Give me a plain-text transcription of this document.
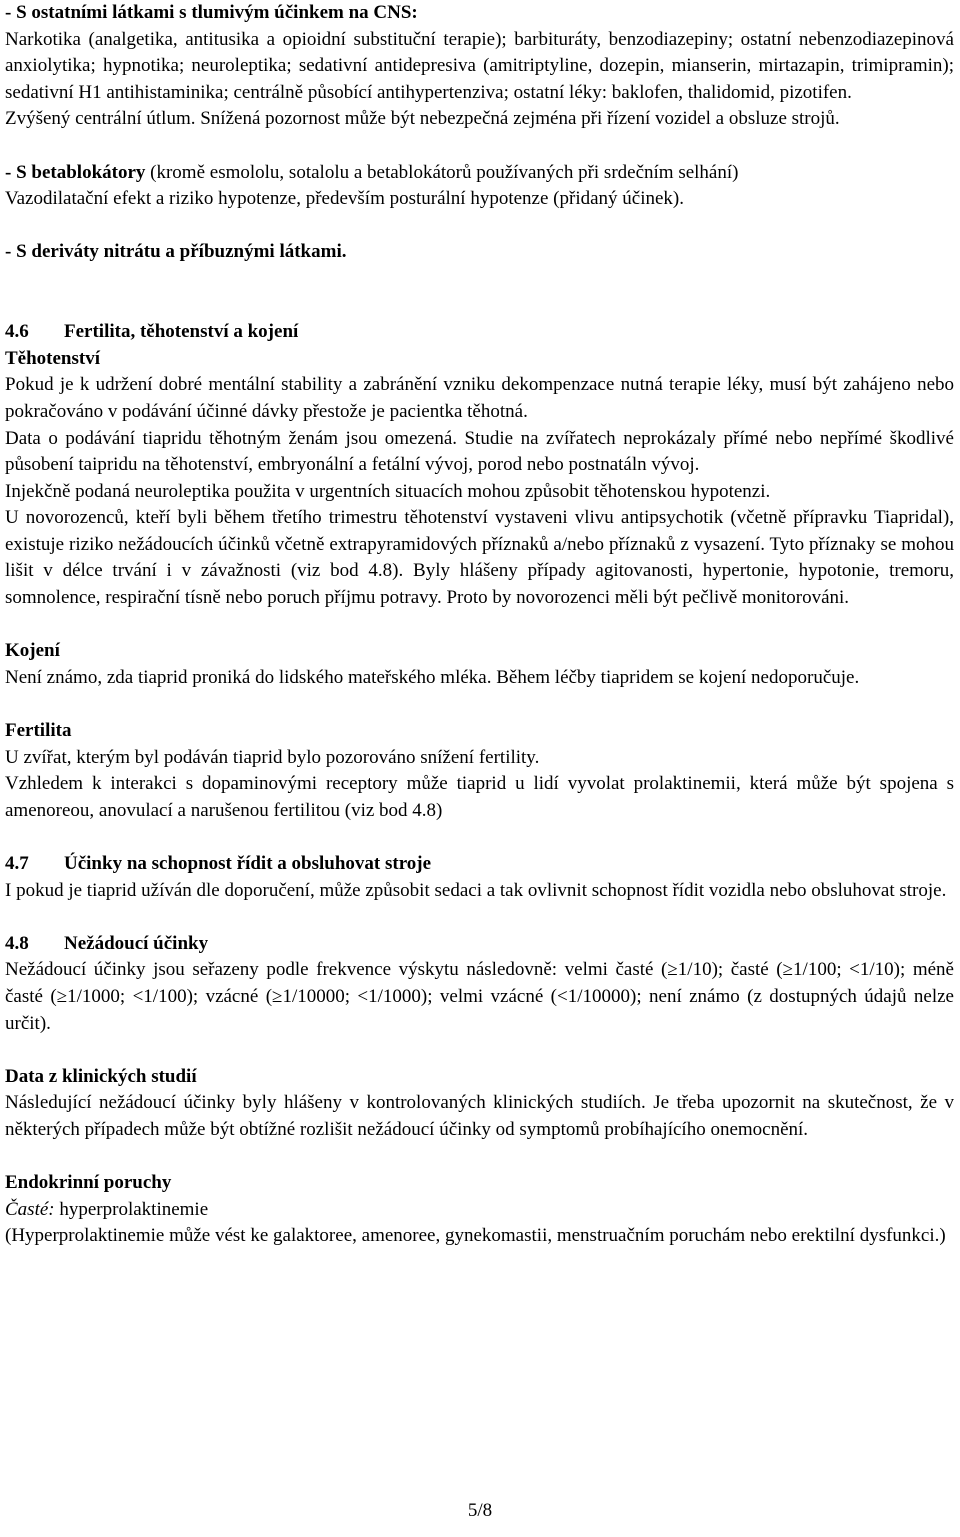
- S ostatními látkami s tlumivým účinkem na CNS:

Narkotika (analgetika, antitusika a opioidní substituční terapie); barbituráty, benzodiazepiny; ostatní nebenzodiazepinová anxiolytika; hypnotika; neuroleptika; sedativní antidepresiva (amitriptyline, dozepin, mianserin, mirtazapin, trimipramin); sedativní H1 antihistaminika; centrálně působící antihypertenziva; ostatní léky: baklofen, thalidomid, pizotifen.

Zvýšený centrální útlum. Snížená pozornost může být nebezpečná zejména při řízení vozidel a obsluze strojů.

- S betablokátory (kromě esmololu, sotalolu a betablokátorů používaných při srdečním selhání)

Vazodilatační efekt a riziko hypotenze, především posturální hypotenze (přidaný účinek).

- S deriváty nitrátu a příbuznými látkami.

4.6 Fertilita, těhotenství a kojení

Těhotenství

Pokud je k udržení dobré mentální stability a zabránění vzniku dekompenzace nutná terapie léky, musí být zahájeno nebo pokračováno v podávání účinné dávky přestože je pacientka těhotná.

Data o podávání tiapridu těhotným ženám jsou omezená. Studie na zvířatech neprokázaly přímé nebo nepřímé škodlivé působení taipridu na těhotenství, embryonální a fetální vývoj, porod nebo postnatáln vývoj.

Injekčně podaná neuroleptika použita v urgentních situacích mohou způsobit těhotenskou hypotenzi.

U novorozenců, kteří byli během třetího trimestru těhotenství vystaveni vlivu antipsychotik (včetně přípravku Tiapridal), existuje riziko nežádoucích účinků včetně extrapyramidových příznaků a/nebo příznaků z vysazení. Tyto příznaky se mohou lišit v délce trvání i v závažnosti (viz bod 4.8). Byly hlášeny případy agitovanosti, hypertonie, hypotonie, tremoru, somnolence, respirační tísně nebo poruch příjmu potravy. Proto by novorozenci měli být pečlivě monitorováni.

Kojení

Není známo, zda tiaprid proniká do lidského mateřského mléka. Během léčby tiapridem se kojení nedoporučuje.

Fertilita

U zvířat, kterým byl podáván tiaprid bylo pozorováno snížení fertility.

Vzhledem k interakci s dopaminovými receptory může tiaprid u lidí vyvolat prolaktinemii, která může být spojena s amenoreou, anovulací a narušenou fertilitou (viz bod 4.8)

4.7 Účinky na schopnost řídit a obsluhovat stroje

I pokud je tiaprid užíván dle doporučení, může způsobit sedaci a tak ovlivnit schopnost řídit vozidla nebo obsluhovat stroje.

4.8 Nežádoucí účinky

Nežádoucí účinky jsou seřazeny podle frekvence výskytu následovně: velmi časté (≥1/10); časté (≥1/100; <1/10); méně časté (≥1/1000; <1/100); vzácné (≥1/10000; <1/1000); velmi vzácné (<1/10000); není známo (z dostupných údajů nelze určit).

Data z klinických studií

Následující nežádoucí účinky byly hlášeny v kontrolovaných klinických studiích. Je třeba upozornit na skutečnost, že v některých případech může být obtížné rozlišit nežádoucí účinky od symptomů probíhajícího onemocnění.

Endokrinní poruchy

Časté: hyperprolaktinemie

(Hyperprolaktinemie může vést ke galaktoree, amenoree, gynekomastii, menstruačním poruchám nebo erektilní dysfunkci.)

5/8
